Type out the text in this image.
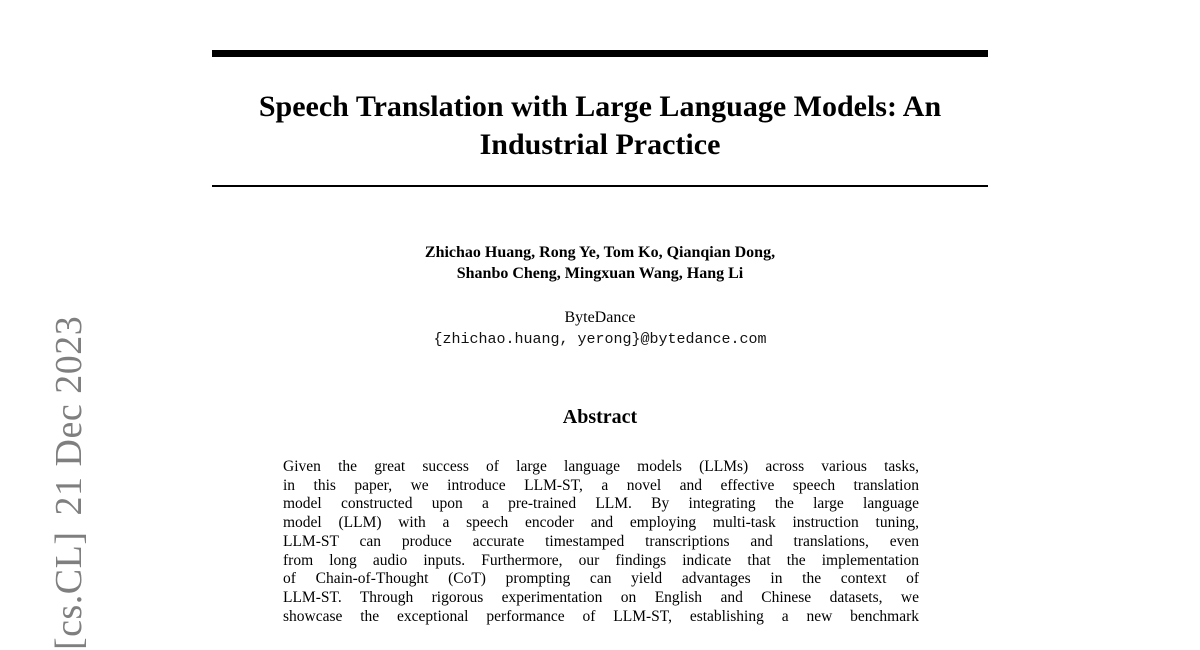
[cs.CL]21 Dec 2023
Speech Translation with Large Language Models: An
Industrial Practice
Zhichao Huang, Rong Ye, Tom Ko, Qianqian Dong,
Shanbo Cheng, Mingxuan Wang, Hang Li
ByteDance
{zhichao.huang, yerong}@bytedance.com
Abstract
Given the great success of large language models (LLMs) across various tasks,
in this paper, we introduce LLM-ST, a novel and effective speech translation
model constructed upon a pre-trained LLM. By integrating the large language
model (LLM) with a speech encoder and employing multi-task instruction tuning,
LLM-ST can produce accurate timestamped transcriptions and translations, even
from long audio inputs. Furthermore, our findings indicate that the implementation
of Chain-of-Thought (CoT) prompting can yield advantages in the context of
LLM-ST. Through rigorous experimentation on English and Chinese datasets, we
showcase the exceptional performance of LLM-ST, establishing a new benchmark
